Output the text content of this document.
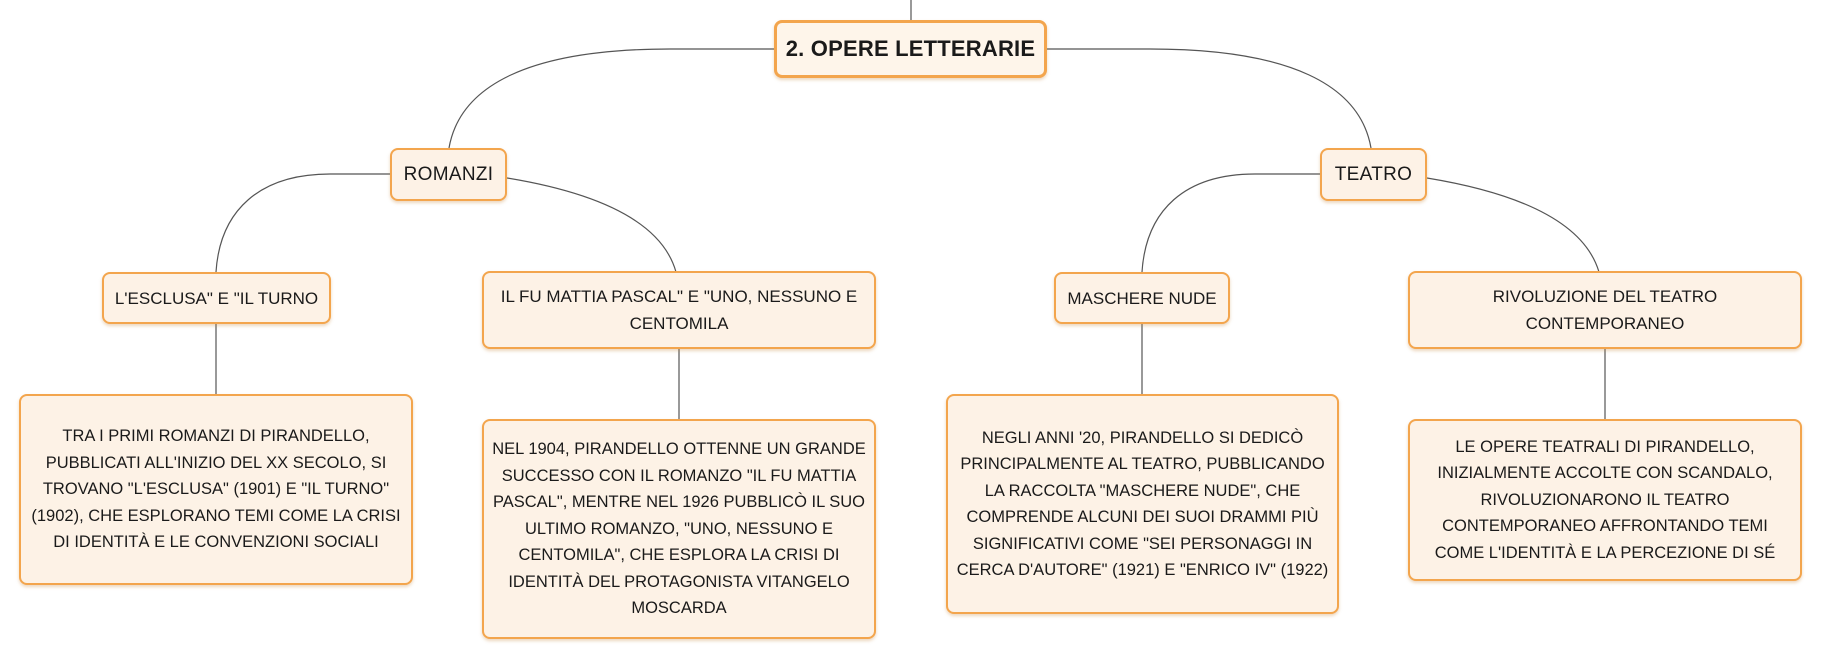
2. OPERE LETTERARIE
ROMANZI	TEATRO
L'ESCLUSA" E "IL TURNO	IL FU MATTIA PASCAL" E "UNO, NESSUNO E CENTOMILA
MASCHERE NUDE	RIVOLUZIONE DEL TEATRO CONTEMPORANEO
TRA I PRIMI ROMANZI DI PIRANDELLO, PUBBLICATI ALL'INIZIO DEL XX SECOLO, SI TROVANO "L'ESCLUSA" (1901) E "IL TURNO" (1902), CHE ESPLORANO TEMI COME LA CRISI DI IDENTITÀ E LE CONVENZIONI SOCIALI
NEL 1904, PIRANDELLO OTTENNE UN GRANDE SUCCESSO CON IL ROMANZO "IL FU MATTIA PASCAL", MENTRE NEL 1926 PUBBLICÒ IL SUO ULTIMO ROMANZO, "UNO, NESSUNO E CENTOMILA", CHE ESPLORA LA CRISI DI IDENTITÀ DEL PROTAGONISTA VITANGELO MOSCARDA
NEGLI ANNI '20, PIRANDELLO SI DEDICÒ PRINCIPALMENTE AL TEATRO, PUBBLICANDO LA RACCOLTA "MASCHERE NUDE", CHE COMPRENDE ALCUNI DEI SUOI DRAMMI PIÙ SIGNIFICATIVI COME "SEI PERSONAGGI IN CERCA D'AUTORE" (1921) E "ENRICO IV" (1922)
LE OPERE TEATRALI DI PIRANDELLO, INIZIALMENTE ACCOLTE CON SCANDALO, RIVOLUZIONARONO IL TEATRO CONTEMPORANEO AFFRONTANDO TEMI COME L'IDENTITÀ E LA PERCEZIONE DI SÉ
